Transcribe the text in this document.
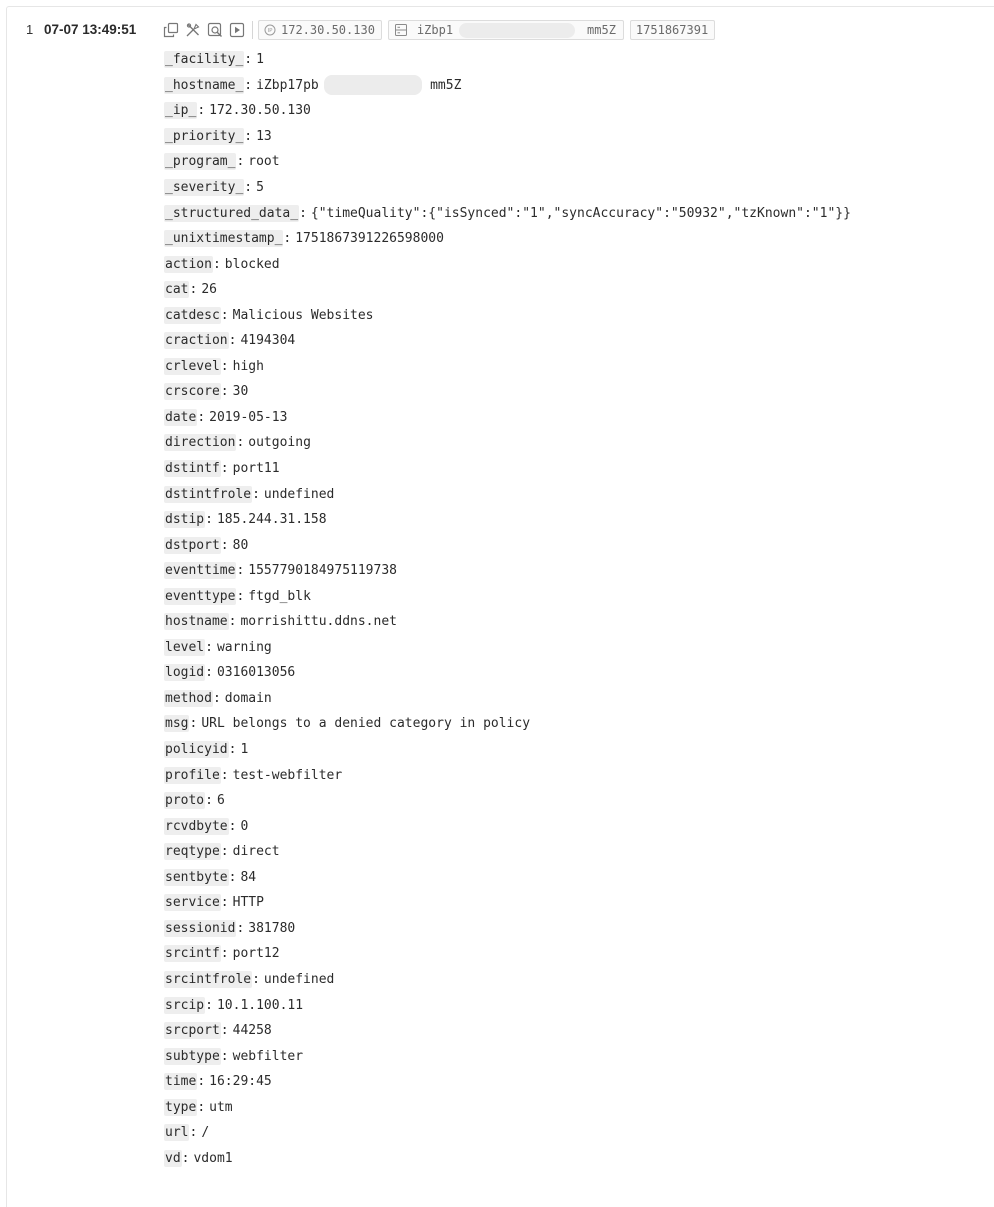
1 07-07 13:49:51	IP 172.30.50.130	iZbp1	mm5Z 1751867391
_facility_ : 1
_hostname_ : iZbp17pb	mm5Z
_ip_ : 172.30.50.130
_priority_ : 13
_program_ : root
_severity_ : 5
_structured_data_ : {"timeQuality":{"isSynced":"1","syncAccuracy":"50932","tzKnown":"1"}}
_unixtimestamp_ : 1751867391226598000
action : blocked
cat : 26
catdesc : Malicious Websites
craction : 4194304
crlevel : high
crscore : 30
date : 2019-05-13
direction : outgoing
dstintf : port11
dstintfrole : undefined
dstip : 185.244.31.158
dstport : 80
eventtime : 1557790184975119738
eventtype : ftgd_blk
hostname : morrishittu.ddns.net
level : warning
logid : 0316013056
method : domain
msg : URL belongs to a denied category in policy
policyid : 1
profile : test-webfilter
proto : 6
rcvdbyte : 0
reqtype : direct
sentbyte : 84
service : HTTP
sessionid : 381780
srcintf : port12
srcintfrole : undefined
srcip : 10.1.100.11
srcport : 44258
subtype : webfilter
time : 16:29:45
type : utm
url : /
vd : vdom1
